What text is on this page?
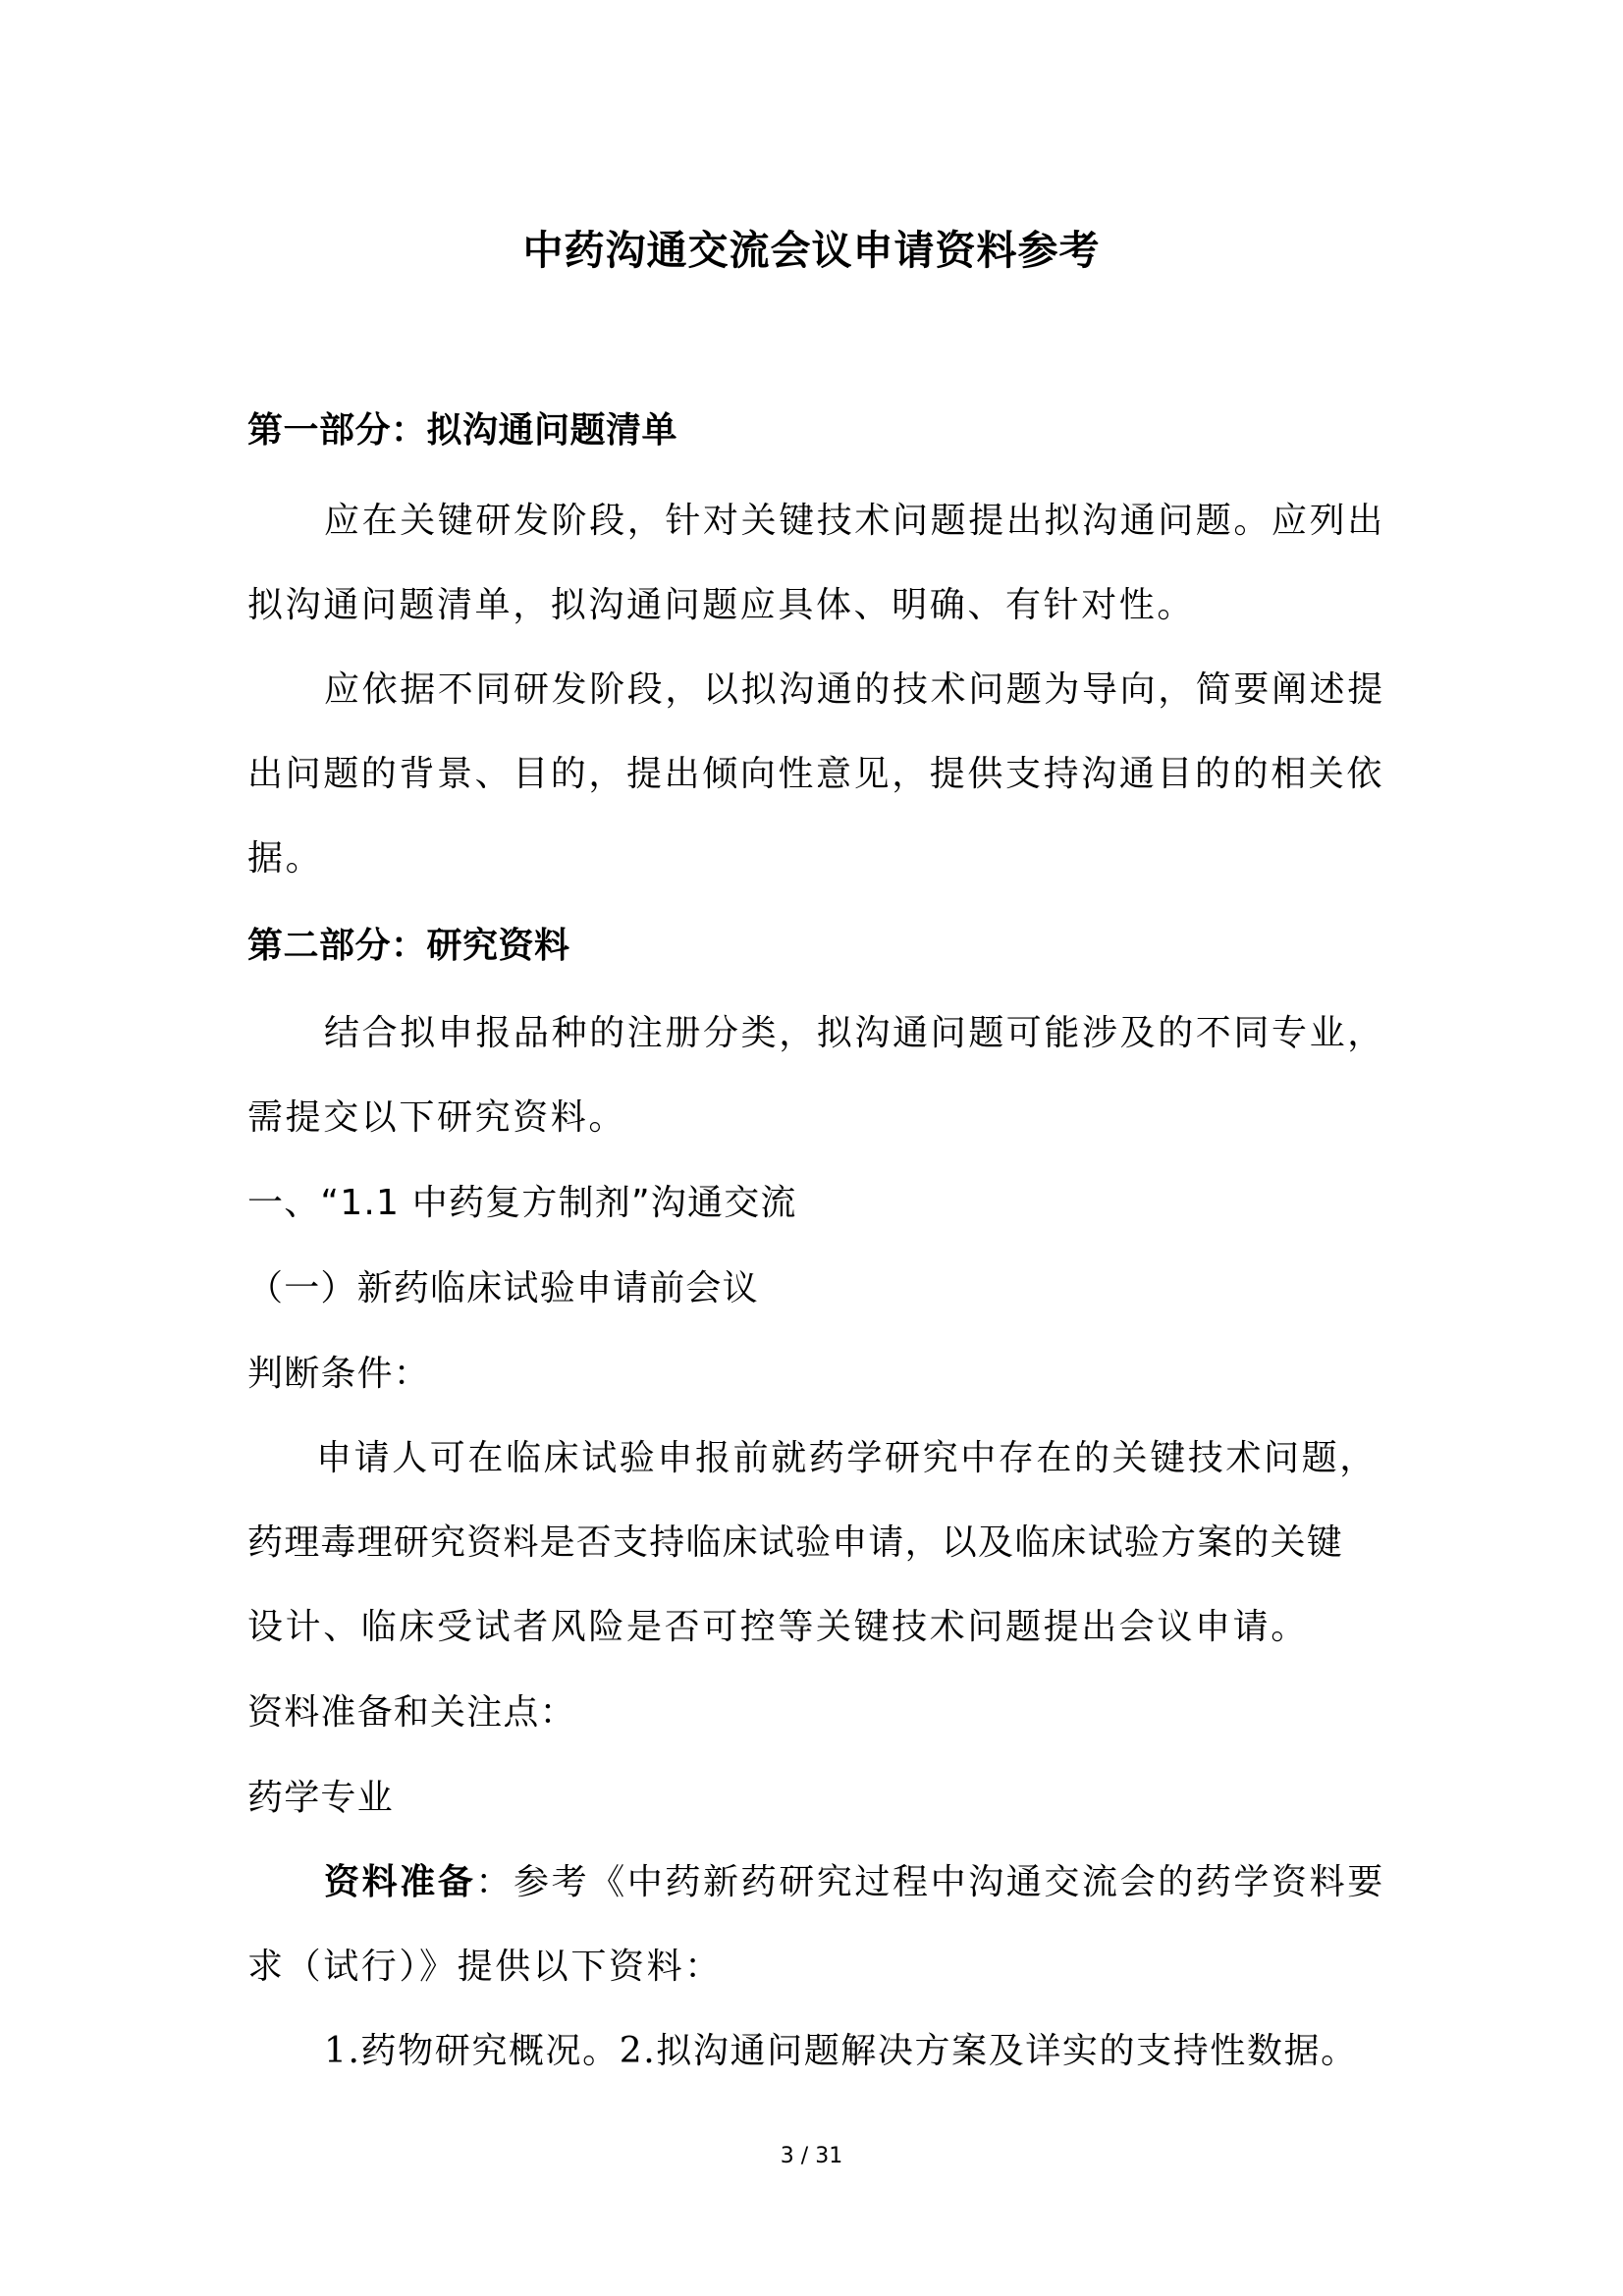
中药沟通交流会议申请资料参考

第一部分：拟沟通问题清单

应在关键研发阶段，针对关键技术问题提出拟沟通问题。应列出

拟沟通问题清单，拟沟通问题应具体、明确、有针对性。

应依据不同研发阶段，以拟沟通的技术问题为导向，简要阐述提

出问题的背景、目的，提出倾向性意见，提供支持沟通目的的相关依

据。

第二部分：研究资料

结合拟申报品种的注册分类，拟沟通问题可能涉及的不同专业，

需提交以下研究资料。

一、“1.1 中药复方制剂”沟通交流

（一）新药临床试验申请前会议

判断条件：

申请人可在临床试验申报前就药学研究中存在的关键技术问题，

药理毒理研究资料是否支持临床试验申请，以及临床试验方案的关键

设计、临床受试者风险是否可控等关键技术问题提出会议申请。

资料准备和关注点：

药学专业

资料准备：参考《中药新药研究过程中沟通交流会的药学资料要

求（试行）》提供以下资料：

1.药物研究概况。2.拟沟通问题解决方案及详实的支持性数据。

3 / 31
